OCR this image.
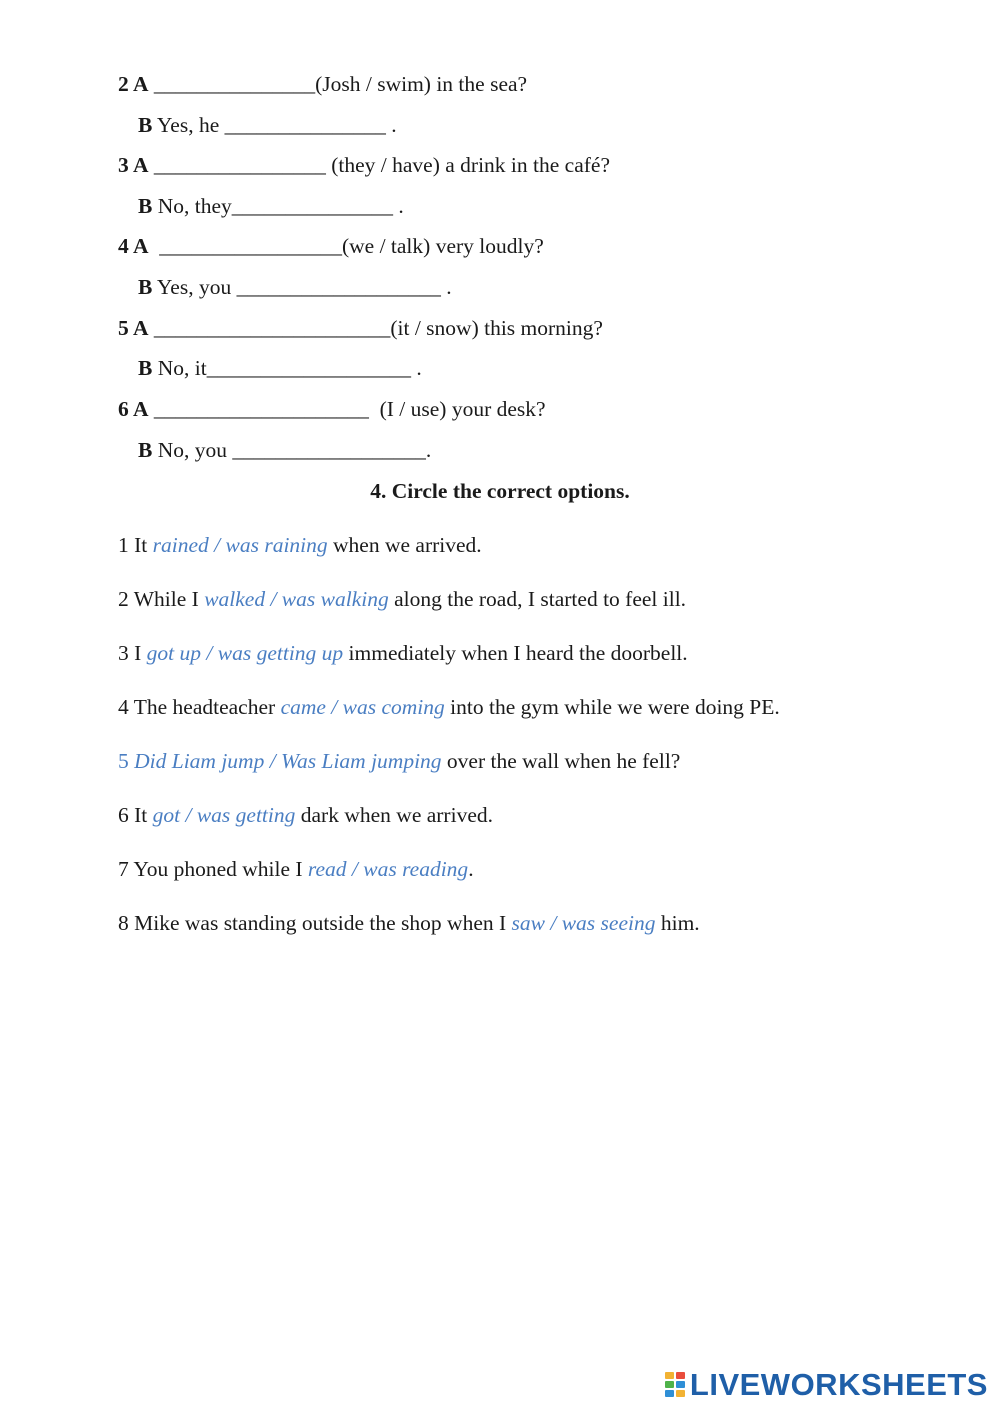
2 A _______________(Josh / swim) in the sea?
B Yes, he _______________ .
3 A ________________ (they / have) a drink in the café?
B No, they_______________ .
4 A  _________________(we / talk) very loudly?
B Yes, you ___________________ .
5 A ______________________(it / snow) this morning?
B No, it___________________ .
6 A ____________________  (I / use) your desk?
B No, you __________________.
4. Circle the correct options.
1 It rained / was raining when we arrived.
2 While I walked / was walking along the road, I started to feel ill.
3 I got up / was getting up immediately when I heard the doorbell.
4 The headteacher came / was coming into the gym while we were doing PE.
5 Did Liam jump / Was Liam jumping over the wall when he fell?
6 It got / was getting dark when we arrived.
7 You phoned while I read / was reading.
8 Mike was standing outside the shop when I saw / was seeing him.
LIVEWORKSHEETS
